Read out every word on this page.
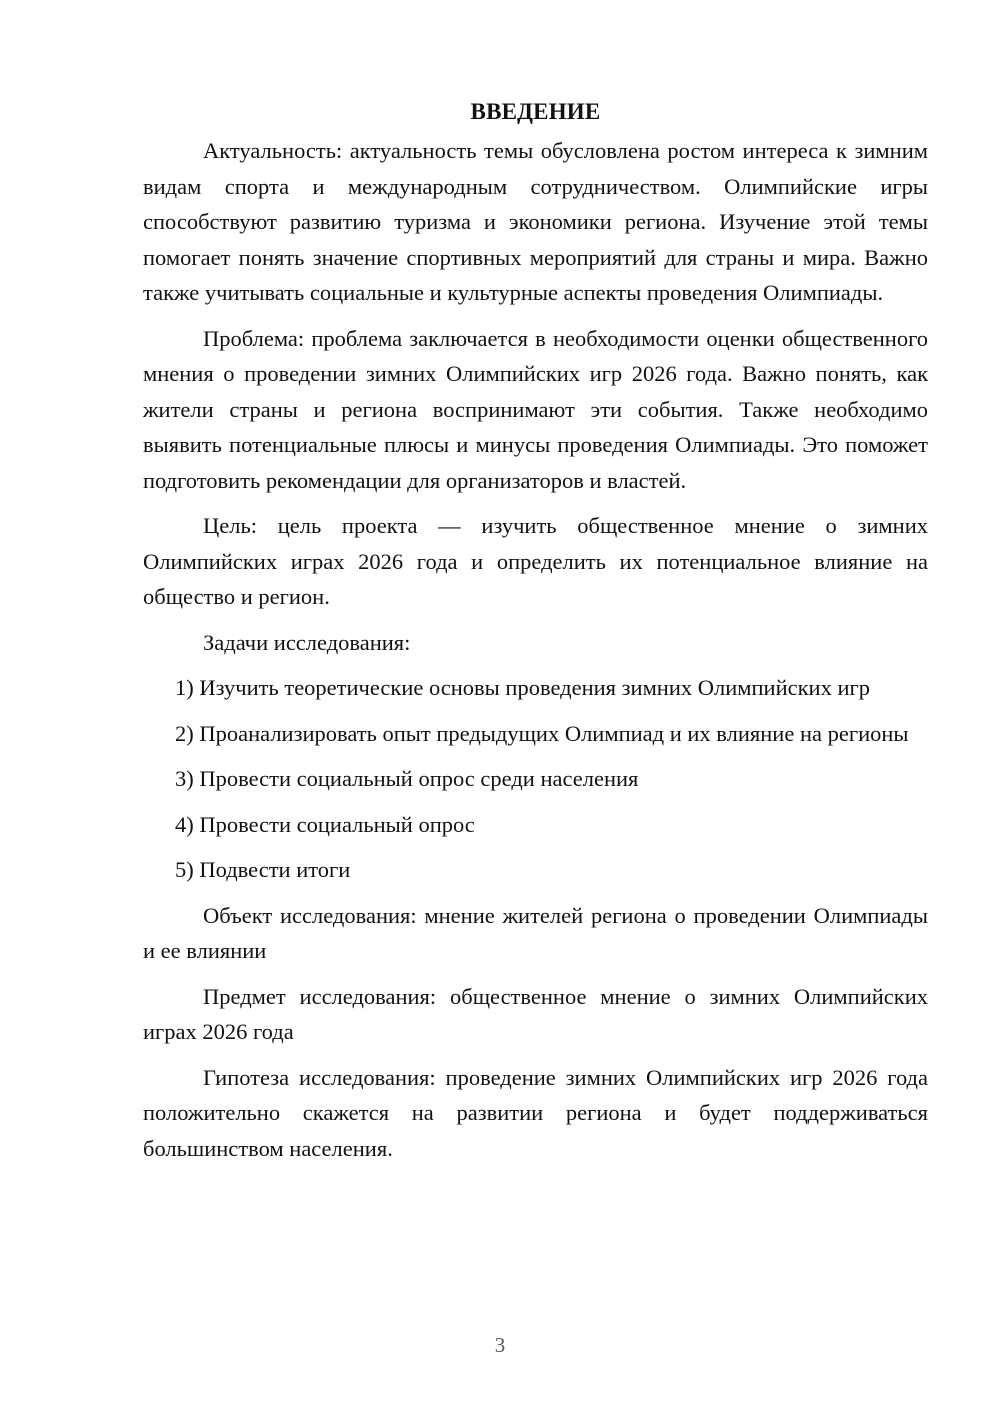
ВВЕДЕНИЕ

Актуальность: актуальность темы обусловлена ростом интереса к зимним видам спорта и международным сотрудничеством. Олимпийские игры способствуют развитию туризма и экономики региона. Изучение этой темы помогает понять значение спортивных мероприятий для страны и мира. Важно также учитывать социальные и культурные аспекты проведения Олимпиады.

Проблема: проблема заключается в необходимости оценки общественного мнения о проведении зимних Олимпийских игр 2026 года. Важно понять, как жители страны и региона воспринимают эти события. Также необходимо выявить потенциальные плюсы и минусы проведения Олимпиады. Это поможет подготовить рекомендации для организаторов и властей.

Цель: цель проекта — изучить общественное мнение о зимних Олимпийских играх 2026 года и определить их потенциальное влияние на общество и регион.

Задачи исследования:

1) Изучить теоретические основы проведения зимних Олимпийских игр

2) Проанализировать опыт предыдущих Олимпиад и их влияние на регионы

3) Провести социальный опрос среди населения

4) Провести социальный опрос

5) Подвести итоги

Объект исследования: мнение жителей региона о проведении Олимпиады и ее влиянии

Предмет исследования: общественное мнение о зимних Олимпийских играх 2026 года

Гипотеза исследования: проведение зимних Олимпийских игр 2026 года положительно скажется на развитии региона и будет поддерживаться большинством населения.

3
